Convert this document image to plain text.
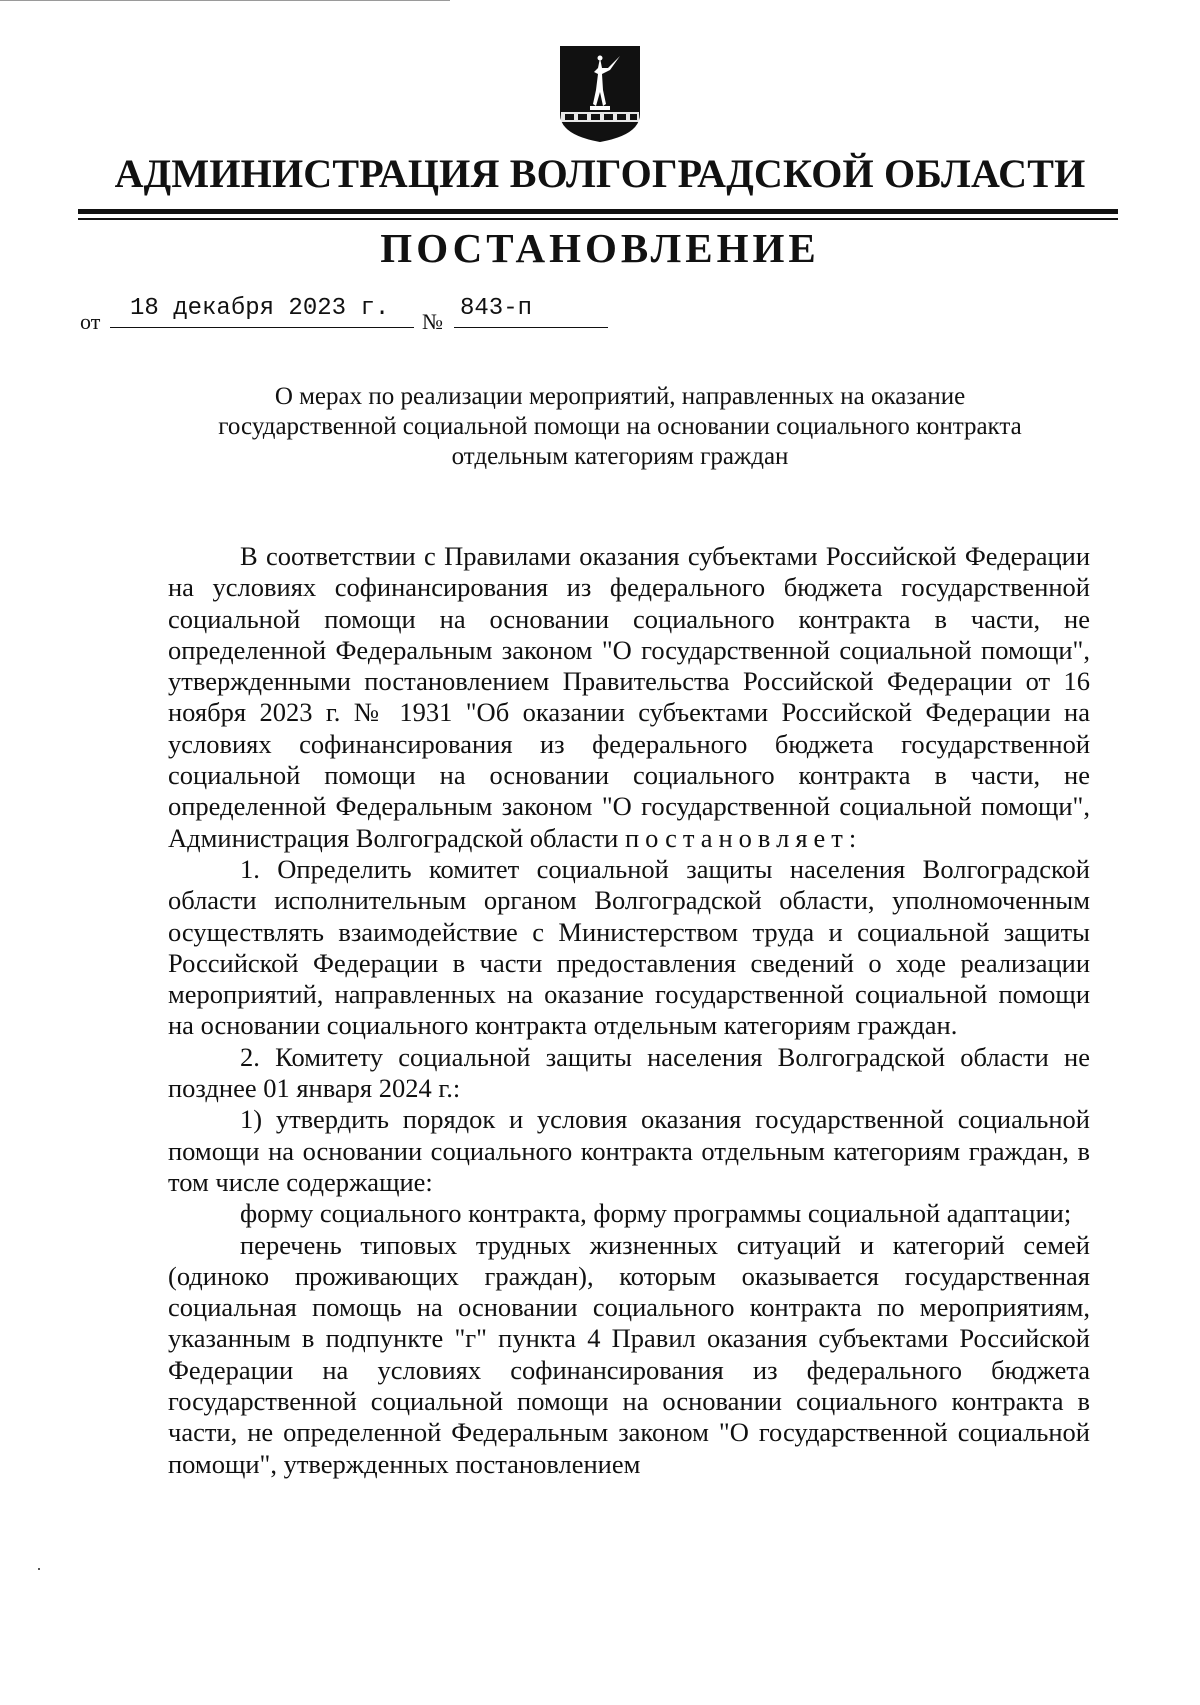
АДМИНИСТРАЦИЯ ВОЛГОГРАДСКОЙ ОБЛАСТИ
ПОСТАНОВЛЕНИЕ
от 18 декабря 2023 г. № 843-п
О мерах по реализации мероприятий, направленных на оказание
государственной социальной помощи на основании социального контракта
отдельным категориям граждан

В соответствии с Правилами оказания субъектами Российской Федерации на условиях софинансирования из федерального бюджета государственной социальной помощи на основании социального контракта в части, не определенной Федеральным законом "О государственной социальной помощи", утвержденными постановлением Правительства Российской Федерации от 16 ноября 2023 г. № 1931 "Об оказании субъектами Российской Федерации на условиях софинансирования из федерального бюджета государственной социальной помощи на основании социального контракта в части, не определенной Федеральным законом "О государственной социальной помощи", Администрация Волгоградской области постановляет:

1. Определить комитет социальной защиты населения Волгоградской области исполнительным органом Волгоградской области, уполномоченным осуществлять взаимодействие с Министерством труда и социальной защиты Российской Федерации в части предоставления сведений о ходе реализации мероприятий, направленных на оказание государственной социальной помощи на основании социального контракта отдельным категориям граждан.

2. Комитету социальной защиты населения Волгоградской области не позднее 01 января 2024 г.:

1) утвердить порядок и условия оказания государственной социальной помощи на основании социального контракта отдельным категориям граждан, в том числе содержащие:

форму социального контракта, форму программы социальной адаптации;

перечень типовых трудных жизненных ситуаций и категорий семей (одиноко проживающих граждан), которым оказывается государственная социальная помощь на основании социального контракта по мероприятиям, указанным в подпункте "г" пункта 4 Правил оказания субъектами Российской Федерации на условиях софинансирования из федерального бюджета государственной социальной помощи на основании социального контракта в части, не определенной Федеральным законом "О государственной социальной помощи", утвержденных постановлением
